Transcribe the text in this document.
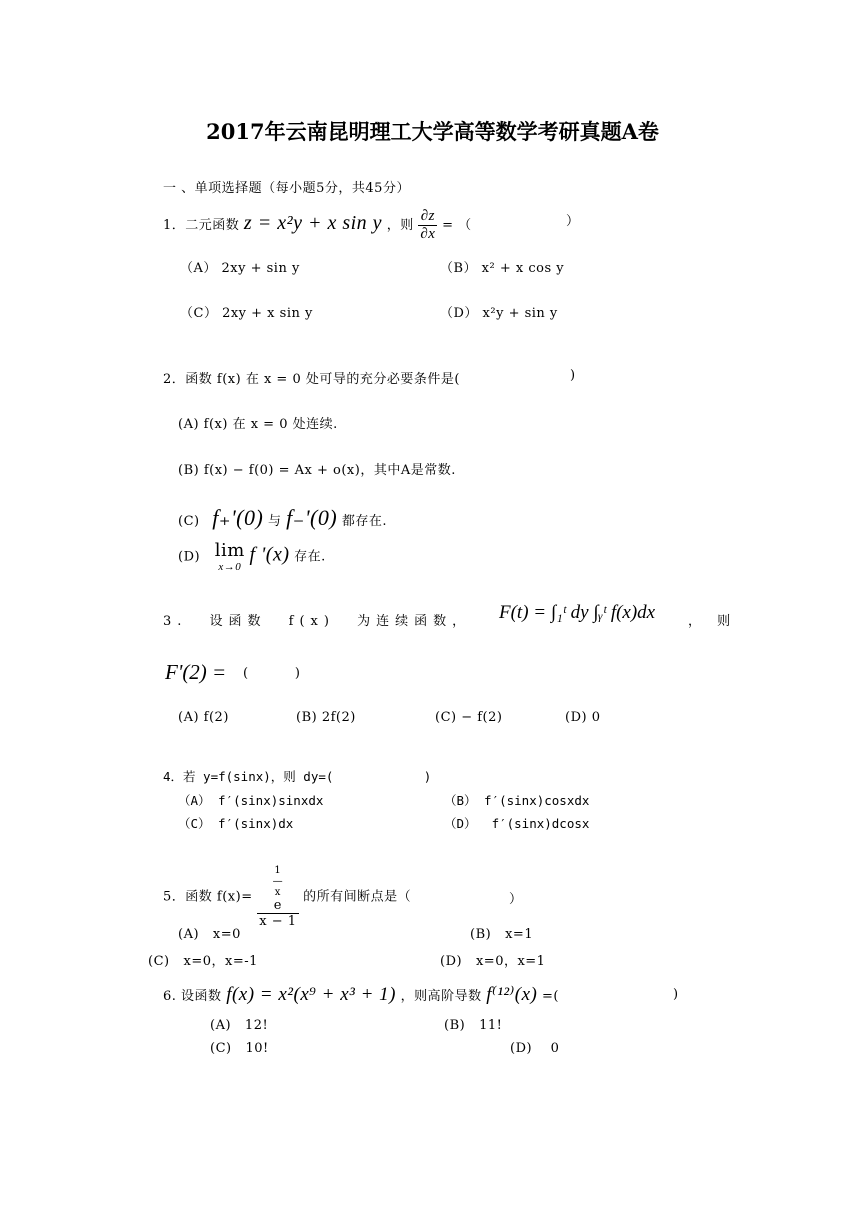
2017年云南昆明理工大学高等数学考研真题A卷
一 、单项选择题（每小题5分，共45分）
1．二元函数 z = x²y + x sin y ，则 $\frac{\partial z}{\partial x}$ = （	）
（A） 2xy + sin y	（B） x² + x cos y
（C） 2xy + x sin y	（D） x²y + sin y
2．函数 f(x) 在 x = 0 处可导的充分必要条件是(	)
(A) f(x) 在 x = 0 处连续.
(B) f(x) − f(0) = Ax + o(x)，其中A是常数.
(C) f₊'(0) 与 f₋'(0) 都存在.
(D) lim
x→0
f '(x) 存在.
3. 设函数 f(x) 为连续函数， F(t) = ∫₁ᵗ dy ∫ᵧᵗ f(x)dx	， 则
F'(2) = (          )
(A) f(2)	(B) 2f(2)	(C) − f(2)	(D) 0
4．若 y=f(sinx)，则 dy=(            )
（A） f′(sinx)sinxdx	（B） f′(sinx)cosxdx
（C） f′(sinx)dx	（D）  f′(sinx)dcosx
5．函数 f(x)=
1
—
x
e
x − 1
的所有间断点是（	）
(A)   x=0	(B)   x=1
(C)   x=0，x=-1	(D)   x=0，x=1
6. 设函数 f(x) = x²(x⁹ + x³ + 1) ，则高阶导数 f⁽¹²⁾(x) =(	)
(A)   12!	(B)   11!
(C)   10!	(D)    0
